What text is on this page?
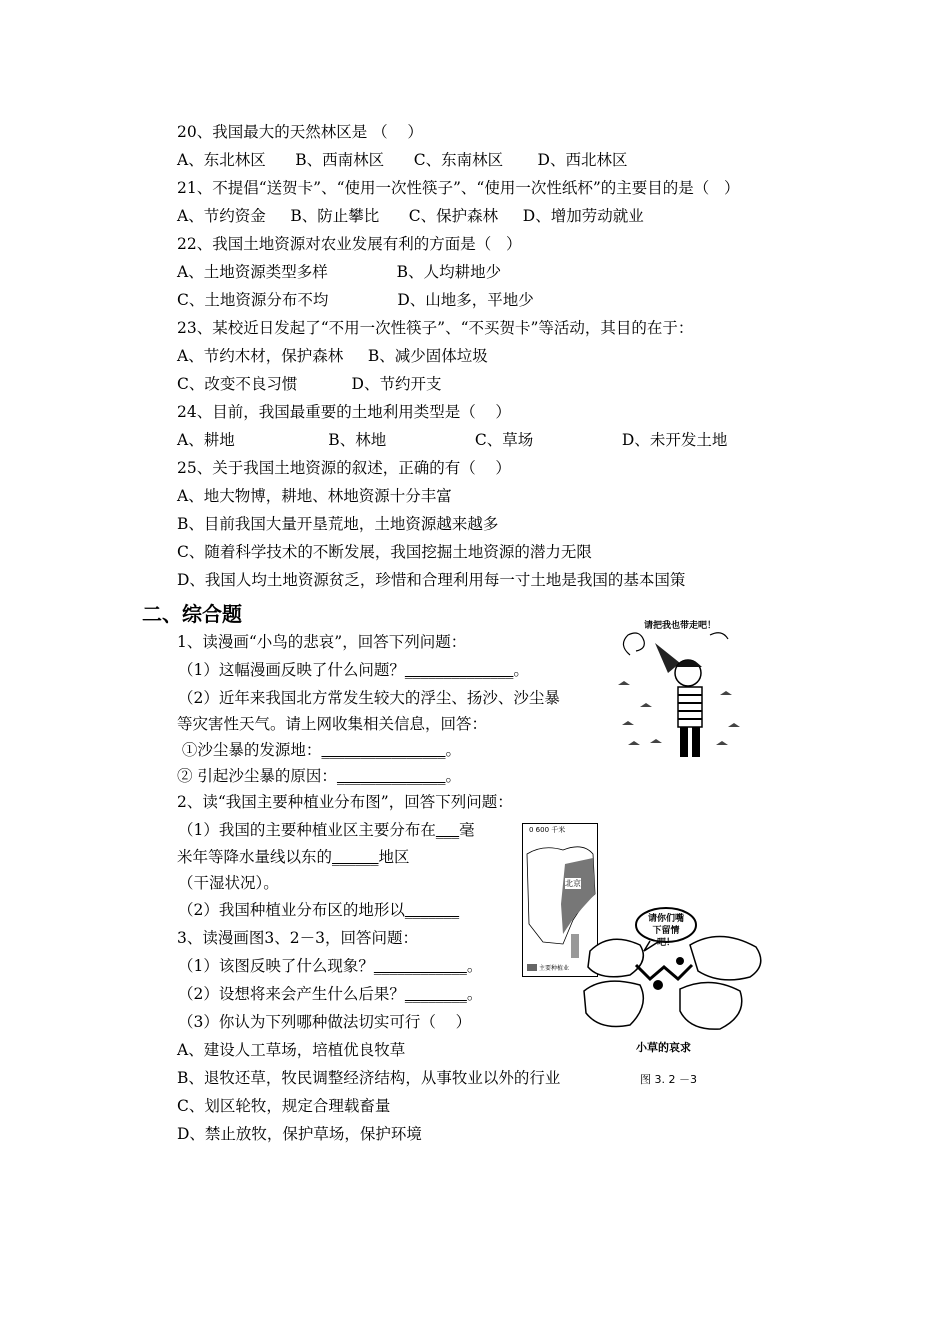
20、我国最大的天然林区是 （    ）
A、东北林区      B、西南林区      C、东南林区       D、西北林区
21、不提倡“送贺卡”、“使用一次性筷子”、“使用一次性纸杯”的主要目的是（   ）
A、节约资金     B、防止攀比      C、保护森林     D、增加劳动就业
22、我国土地资源对农业发展有利的方面是（   ）
A、土地资源类型多样              B、人均耕地少
C、土地资源分布不均              D、山地多，平地少
23、某校近日发起了“不用一次性筷子”、“不买贺卡”等活动，其目的在于：
A、节约木材，保护森林     B、减少固体垃圾
C、改变不良习惯           D、节约开支
24、目前，我国最重要的土地利用类型是（    ）
A、耕地                   B、林地                  C、草场                  D、未开发土地
25、关于我国土地资源的叙述，正确的有（    ）
A、地大物博，耕地、林地资源十分丰富
B、目前我国大量开垦荒地，土地资源越来越多
C、随着科学技术的不断发展，我国挖掘土地资源的潜力无限
D、我国人均土地资源贫乏，珍惜和合理利用每一寸土地是我国的基本国策
二、综合题
1、读漫画“小鸟的悲哀”，回答下列问题：
（1）这幅漫画反映了什么问题？______________。
（2）近年来我国北方常发生较大的浮尘、扬沙、沙尘暴
等灾害性天气。请上网收集相关信息，回答：
①沙尘暴的发源地：________________。
② 引起沙尘暴的原因：______________。
2、读“我国主要种植业分布图”，回答下列问题：
（1）我国的主要种植业区主要分布在___毫
米年等降水量线以东的______地区
（干湿状况）。
（2）我国种植业分布区的地形以_______
3、读漫画图3、2－3，回答问题：
（1）该图反映了什么现象？____________。
（2）设想将来会产生什么后果？________。
（3）你认为下列哪种做法切实可行（    ）
A、建设人工草场，培植优良牧草
B、退牧还草，牧民调整经济结构，从事牧业以外的行业
C、划区轮牧，规定合理载畜量
D、禁止放牧，保护草场，保护环境
请把我也带走吧！
0 600 千米
北京
主要种植业
请你们嘴
下留情吧！
小草的哀求
图 3. 2 －3
